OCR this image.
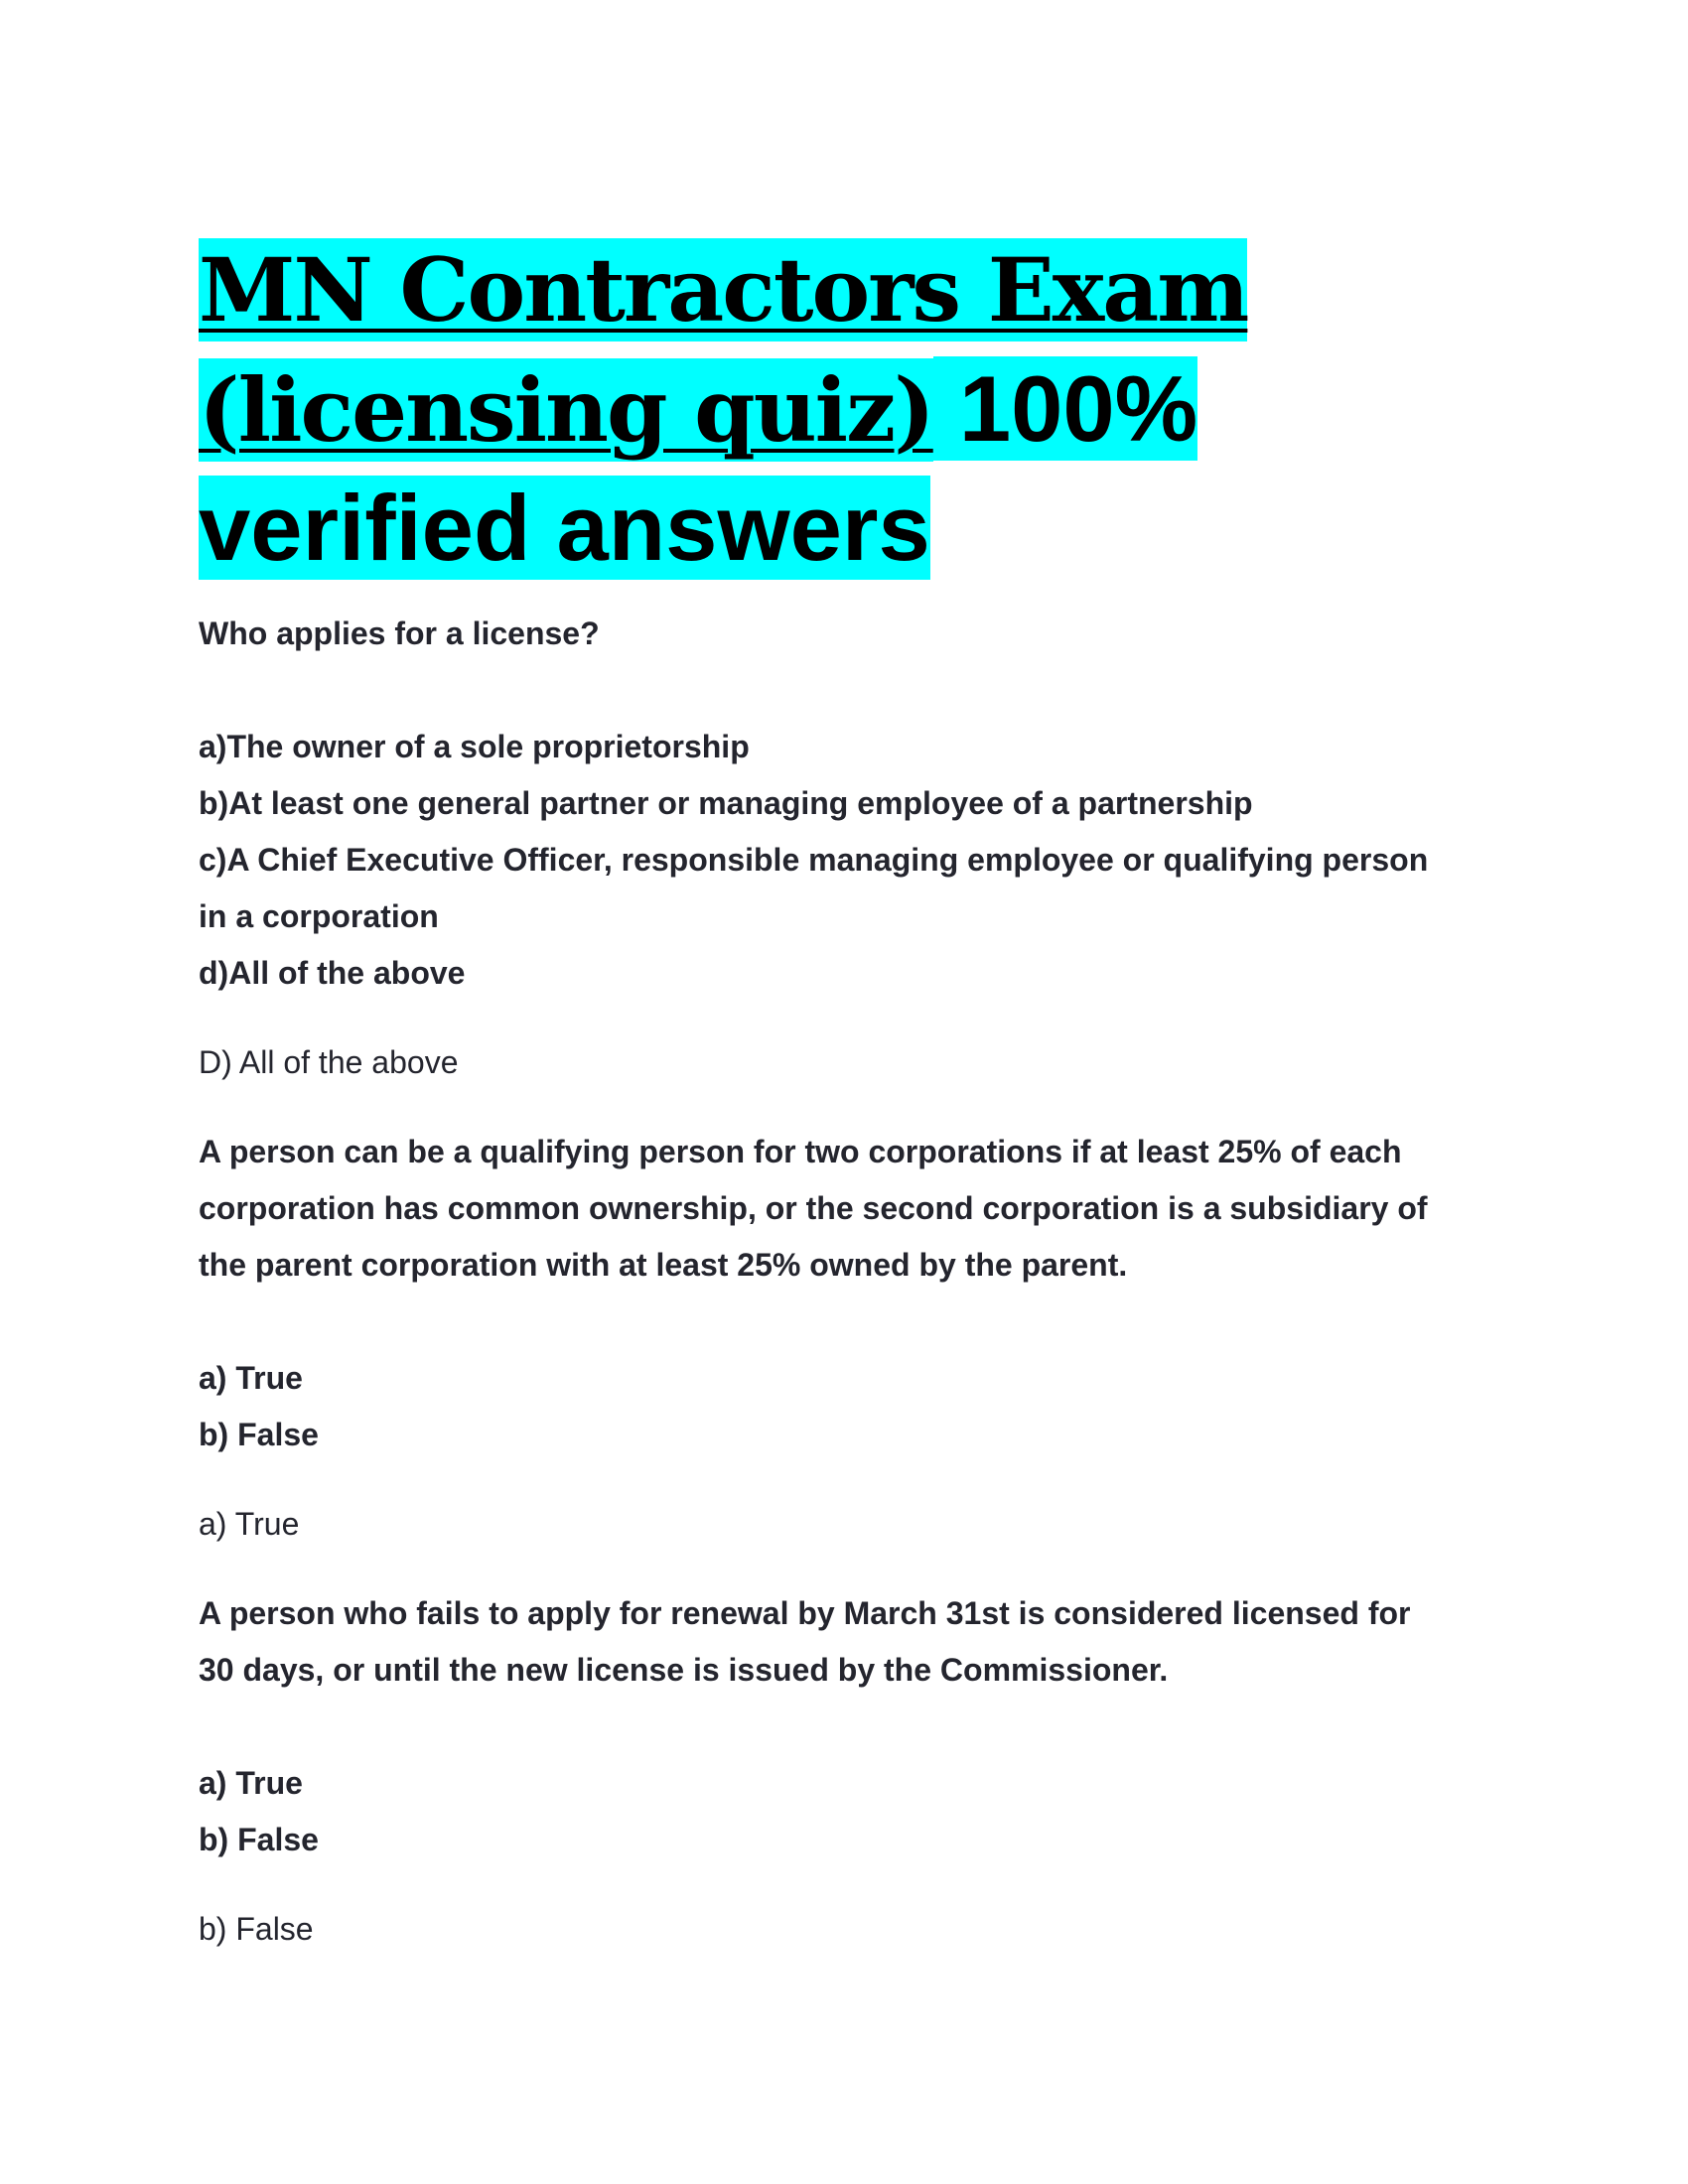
MN Contractors Exam
(licensing quiz) 100%
verified answers

Who applies for a license?

a)The owner of a sole proprietorship
b)At least one general partner or managing employee of a partnership
c)A Chief Executive Officer, responsible managing employee or qualifying person
in a corporation
d)All of the above

D) All of the above

A person can be a qualifying person for two corporations if at least 25% of each

corporation has common ownership, or the second corporation is a subsidiary of

the parent corporation with at least 25% owned by the parent.

a) True
b) False

a) True

A person who fails to apply for renewal by March 31st is considered licensed for

30 days, or until the new license is issued by the Commissioner.

a) True
b) False

b) False
